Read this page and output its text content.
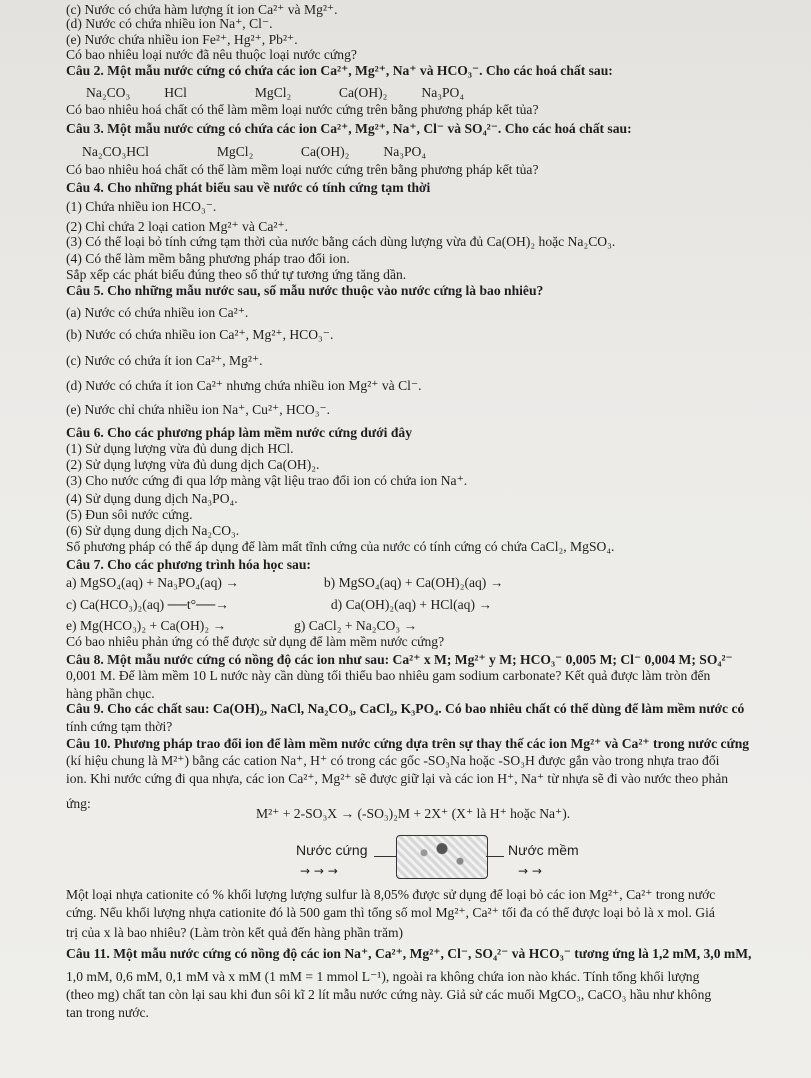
(c) Nước có chứa hàm lượng ít ion Ca²⁺ và Mg²⁺.
(d) Nước có chứa nhiều ion Na⁺, Cl⁻.
(e) Nước chứa nhiều ion Fe²⁺, Hg²⁺, Pb²⁺.
Có bao nhiêu loại nước đã nêu thuộc loại nước cứng?
Câu 2. Một mẫu nước cứng có chứa các ion Ca²⁺, Mg²⁺, Na⁺ và HCO₃⁻. Cho các hoá chất sau:
Na₂CO₃          HCl                    MgCl₂              Ca(OH)₂          Na₃PO₄
Có bao nhiêu hoá chất có thể làm mềm loại nước cứng trên bằng phương pháp kết tủa?
Câu 3. Một mẫu nước cứng có chứa các ion Ca²⁺, Mg²⁺, Na⁺, Cl⁻ và SO₄²⁻. Cho các hoá chất sau:
Na₂CO₃HCl                    MgCl₂              Ca(OH)₂          Na₃PO₄
Có bao nhiêu hoá chất có thể làm mềm loại nước cứng trên bằng phương pháp kết tủa?
Câu 4. Cho những phát biểu sau về nước có tính cứng tạm thời
(1) Chứa nhiều ion HCO₃⁻.
(2) Chỉ chứa 2 loại cation Mg²⁺ và Ca²⁺.
(3) Có thể loại bỏ tính cứng tạm thời của nước bằng cách dùng lượng vừa đủ Ca(OH)₂ hoặc Na₂CO₃.
(4) Có thể làm mềm bằng phương pháp trao đổi ion.
Sắp xếp các phát biểu đúng theo số thứ tự tương ứng tăng dần.
Câu 5. Cho những mẫu nước sau, số mẫu nước thuộc vào nước cứng là bao nhiêu?
(a) Nước có chứa nhiều ion Ca²⁺.
(b) Nước có chứa nhiều ion Ca²⁺, Mg²⁺, HCO₃⁻.
(c) Nước có chứa ít ion Ca²⁺, Mg²⁺.
(d) Nước có chứa ít ion Ca²⁺ nhưng chứa nhiều ion Mg²⁺ và Cl⁻.
(e) Nước chỉ chứa nhiều ion Na⁺, Cu²⁺, HCO₃⁻.
Câu 6. Cho các phương pháp làm mềm nước cứng dưới đây
(1) Sử dụng lượng vừa đủ dung dịch HCl.
(2) Sử dụng lượng vừa đủ dung dịch Ca(OH)₂.
(3) Cho nước cứng đi qua lớp màng vật liệu trao đổi ion có chứa ion Na⁺.
(4) Sử dụng dung dịch Na₃PO₄.
(5) Đun sôi nước cứng.
(6) Sử dụng dung dịch Na₂CO₃.
Số phương pháp có thể áp dụng để làm mất tĩnh cứng của nước có tính cứng có chứa CaCl₂, MgSO₄.
Câu 7. Cho các phương trình hóa học sau:
a) MgSO₄(aq) + Na₃PO₄(aq) →                         b) MgSO₄(aq) + Ca(OH)₂(aq) →
c) Ca(HCO₃)₂(aq) ──t°──→                              d) Ca(OH)₂(aq) + HCl(aq) →
e) Mg(HCO₃)₂ + Ca(OH)₂ →                    g) CaCl₂ + Na₂CO₃ →
Có bao nhiêu phản ứng có thể được sử dụng để làm mềm nước cứng?
Câu 8. Một mẫu nước cứng có nồng độ các ion như sau: Ca²⁺ x M; Mg²⁺ y M; HCO₃⁻ 0,005 M; Cl⁻ 0,004 M; SO₄²⁻
0,001 M. Để làm mềm 10 L nước này cần dùng tối thiểu bao nhiêu gam sodium carbonate? Kết quả được làm tròn đến
hàng phần chục.
Câu 9. Cho các chất sau: Ca(OH)₂, NaCl, Na₂CO₃, CaCl₂, K₃PO₄. Có bao nhiêu chất có thể dùng để làm mềm nước có
tính cứng tạm thời?
Câu 10. Phương pháp trao đổi ion để làm mềm nước cứng dựa trên sự thay thế các ion Mg²⁺ và Ca²⁺ trong nước cứng
(kí hiệu chung là M²⁺) bằng các cation Na⁺, H⁺ có trong các gốc -SO₃Na hoặc -SO₃H được gắn vào trong nhựa trao đổi
ion. Khi nước cứng đi qua nhựa, các ion Ca²⁺, Mg²⁺ sẽ được giữ lại và các ion H⁺, Na⁺ từ nhựa sẽ đi vào nước theo phản
ứng:
M²⁺ + 2-SO₃X → (-SO₃)₂M + 2X⁺ (X⁺ là H⁺ hoặc Na⁺).
Nước cứng	Nước mềm
→ → →	→ →
Một loại nhựa cationite có % khối lượng lượng sulfur là 8,05% được sử dụng để loại bỏ các ion Mg²⁺, Ca²⁺ trong nước
cứng. Nếu khối lượng nhựa cationite đó là 500 gam thì tổng số mol Mg²⁺, Ca²⁺ tối đa có thể được loại bỏ là x mol. Giá
trị của x là bao nhiêu? (Làm tròn kết quả đến hàng phần trăm)
Câu 11. Một mẫu nước cứng có nồng độ các ion Na⁺, Ca²⁺, Mg²⁺, Cl⁻, SO₄²⁻ và HCO₃⁻ tương ứng là 1,2 mM, 3,0 mM,
1,0 mM, 0,6 mM, 0,1 mM và x mM (1 mM = 1 mmol L⁻¹), ngoài ra không chứa ion nào khác. Tính tổng khối lượng
(theo mg) chất tan còn lại sau khi đun sôi kĩ 2 lít mẫu nước cứng này. Giả sử các muối MgCO₃, CaCO₃ hầu như không
tan trong nước.
